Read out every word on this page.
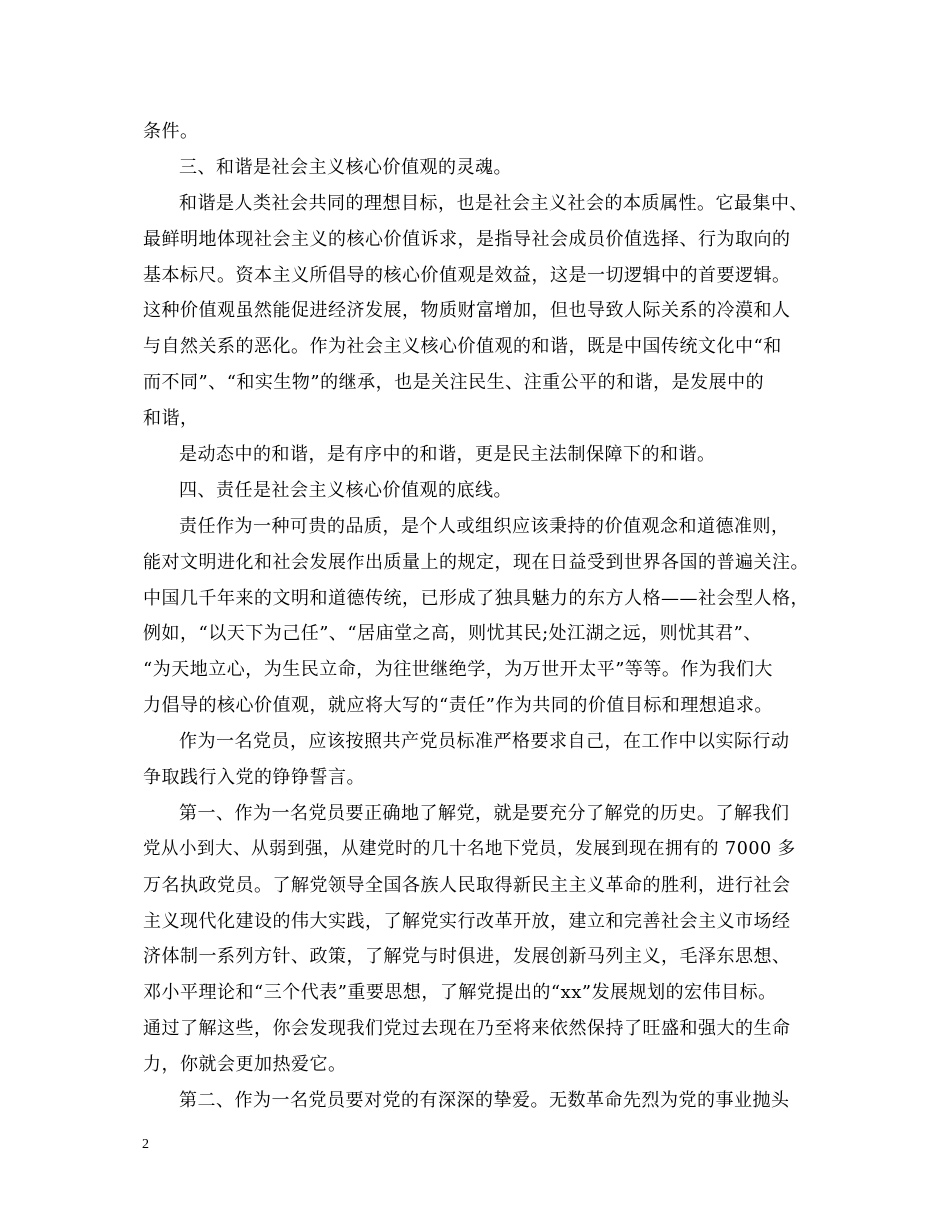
条件。
三、和谐是社会主义核心价值观的灵魂。
和谐是人类社会共同的理想目标，也是社会主义社会的本质属性。它最集中、
最鲜明地体现社会主义的核心价值诉求，是指导社会成员价值选择、行为取向的
基本标尺。资本主义所倡导的核心价值观是效益，这是一切逻辑中的首要逻辑。
这种价值观虽然能促进经济发展，物质财富增加，但也导致人际关系的冷漠和人
与自然关系的恶化。作为社会主义核心价值观的和谐，既是中国传统文化中“和
而不同”、“和实生物”的继承，也是关注民生、注重公平的和谐，是发展中的
和谐，
是动态中的和谐，是有序中的和谐，更是民主法制保障下的和谐。
四、责任是社会主义核心价值观的底线。
责任作为一种可贵的品质，是个人或组织应该秉持的价值观念和道德准则，
能对文明进化和社会发展作出质量上的规定，现在日益受到世界各国的普遍关注。
中国几千年来的文明和道德传统，已形成了独具魅力的东方人格——社会型人格，
例如，“以天下为己任”、“居庙堂之高，则忧其民;处江湖之远，则忧其君”、
“为天地立心，为生民立命，为往世继绝学，为万世开太平”等等。作为我们大
力倡导的核心价值观，就应将大写的“责任”作为共同的价值目标和理想追求。
作为一名党员，应该按照共产党员标准严格要求自己，在工作中以实际行动
争取践行入党的铮铮誓言。
第一、作为一名党员要正确地了解党，就是要充分了解党的历史。了解我们
党从小到大、从弱到强，从建党时的几十名地下党员，发展到现在拥有的 7000 多
万名执政党员。了解党领导全国各族人民取得新民主主义革命的胜利，进行社会
主义现代化建设的伟大实践，了解党实行改革开放，建立和完善社会主义市场经
济体制一系列方针、政策，了解党与时俱进，发展创新马列主义，毛泽东思想、
邓小平理论和“三个代表”重要思想，了解党提出的“xx”发展规划的宏伟目标。
通过了解这些，你会发现我们党过去现在乃至将来依然保持了旺盛和强大的生命
力，你就会更加热爱它。
第二、作为一名党员要对党的有深深的挚爱。无数革命先烈为党的事业抛头
2
